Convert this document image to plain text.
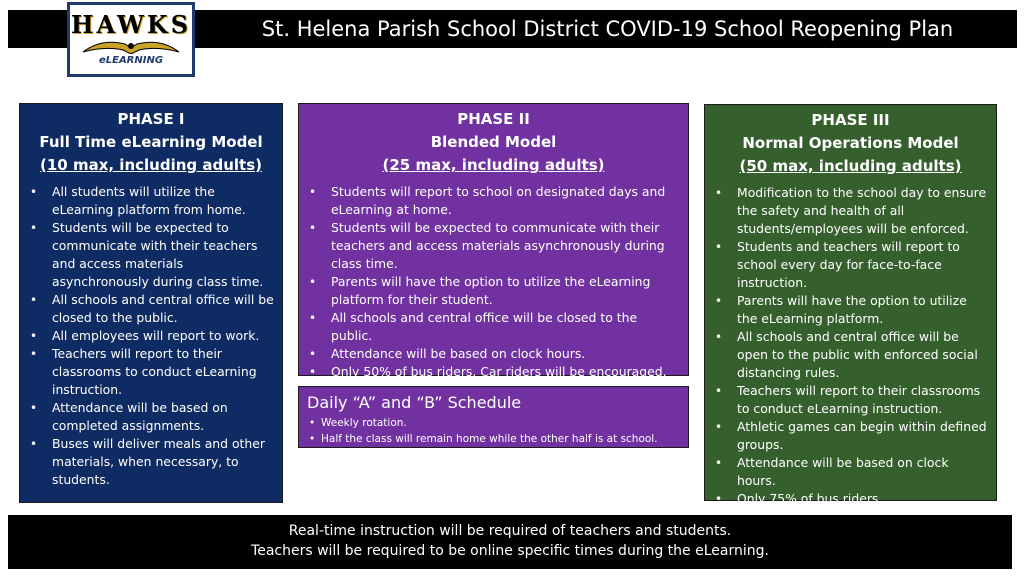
St. Helena Parish School District COVID-19 School Reopening Plan
HAWKS
eLEARNING
PHASE I
Full Time eLearning Model
(10 max, including adults)
• All students will utilize the eLearning platform from home.
• Students will be expected to communicate with their teachers and access materials asynchronously during class time.
• All schools and central office will be closed to the public.
• All employees will report to work.
• Teachers will report to their classrooms to conduct eLearning instruction.
• Attendance will be based on completed assignments.
• Buses will deliver meals and other materials, when necessary, to students.
PHASE II
Blended Model
(25 max, including adults)
• Students will report to school on designated days and eLearning at home.
• Students will be expected to communicate with their teachers and access materials asynchronously during class time.
• Parents will have the option to utilize the eLearning platform for their student.
• All schools and central office will be closed to the public.
• Attendance will be based on clock hours.
• Only 50% of bus riders. Car riders will be encouraged.
Daily “A” and “B” Schedule
• Weekly rotation.
• Half the class will remain home while the other half is at school.
PHASE III
Normal Operations Model
(50 max, including adults)
• Modification to the school day to ensure the safety and health of all students/employees will be enforced.
• Students and teachers will report to school every day for face-to-face instruction.
• Parents will have the option to utilize the eLearning platform.
• All schools and central office will be open to the public with enforced social distancing rules.
• Teachers will report to their classrooms to conduct eLearning instruction.
• Athletic games can begin within defined groups.
• Attendance will be based on clock hours.
• Only 75% of bus riders.
Real-time instruction will be required of teachers and students.
Teachers will be required to be online specific times during the eLearning.
